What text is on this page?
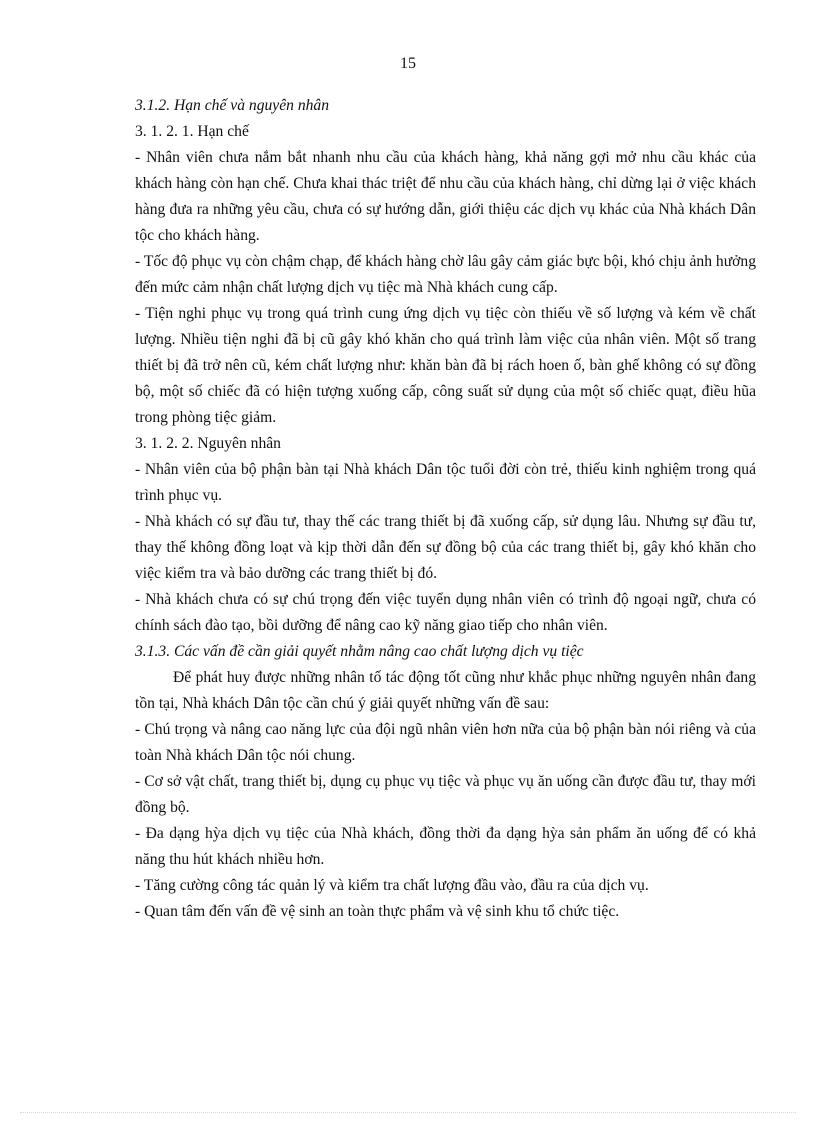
15

3.1.2. Hạn chế và nguyên nhân

3. 1. 2. 1. Hạn chế

- Nhân viên chưa nắm bắt nhanh nhu cầu của khách hàng, khả năng gợi mở nhu cầu khác của khách hàng còn hạn chế. Chưa khai thác triệt để nhu cầu của khách hàng, chỉ dừng lại ở việc khách hàng đưa ra những yêu cầu, chưa có sự hướng dẫn, giới thiệu các dịch vụ khác của Nhà khách Dân tộc cho khách hàng.

- Tốc độ phục vụ còn chậm chạp, để khách hàng chờ lâu gây cảm giác bực bội, khó chịu ảnh hưởng đến mức cảm nhận chất lượng dịch vụ tiệc mà Nhà khách cung cấp.

- Tiện nghi phục vụ trong quá trình cung ứng dịch vụ tiệc còn thiếu về số lượng và kém về chất lượng. Nhiều tiện nghi đã bị cũ gây khó khăn cho quá trình làm việc của nhân viên. Một số trang thiết bị đã trở nên cũ, kém chất lượng như: khăn bàn đã bị rách hoen ố, bàn ghế không có sự đồng bộ, một số chiếc đã có hiện tượng xuống cấp, công suất sử dụng của một số chiếc quạt, điều hũa trong phòng tiệc giảm.

3. 1. 2. 2. Nguyên nhân

- Nhân viên của bộ phận bàn tại Nhà khách Dân tộc tuổi đời còn trẻ, thiếu kinh nghiệm trong quá trình phục vụ.

- Nhà khách có sự đầu tư, thay thế các trang thiết bị đã xuống cấp, sử dụng lâu. Nhưng sự đầu tư, thay thế không đồng loạt và kịp thời dẫn đến sự đồng bộ của các trang thiết bị, gây khó khăn cho việc kiểm tra và bảo dưỡng các trang thiết bị đó.

- Nhà khách chưa có sự chú trọng đến việc tuyển dụng nhân viên có trình độ ngoại ngữ, chưa có chính sách đào tạo, bồi dưỡng để nâng cao kỹ năng giao tiếp cho nhân viên.

3.1.3. Các vấn đề cần giải quyết nhằm nâng cao chất lượng dịch vụ tiệc

Để phát huy được những nhân tố tác động tốt cũng như khắc phục những nguyên nhân đang tồn tại, Nhà khách Dân tộc cần chú ý giải quyết những vấn đề sau:

- Chú trọng và nâng cao năng lực của đội ngũ nhân viên hơn nữa của bộ phận bàn nói riêng và của toàn Nhà khách Dân tộc nói chung.

- Cơ sở vật chất, trang thiết bị, dụng cụ phục vụ tiệc và phục vụ ăn uống cần được đầu tư, thay mới đồng bộ.

- Đa dạng hỳa dịch vụ tiệc của Nhà khách, đồng thời đa dạng hỳa sản phẩm ăn uống để có khả năng thu hút khách nhiều hơn.

- Tăng cường công tác quản lý và kiểm tra chất lượng đầu vào, đầu ra của dịch vụ.

- Quan tâm đến vấn đề vệ sinh an toàn thực phẩm và vệ sinh khu tổ chức tiệc.
